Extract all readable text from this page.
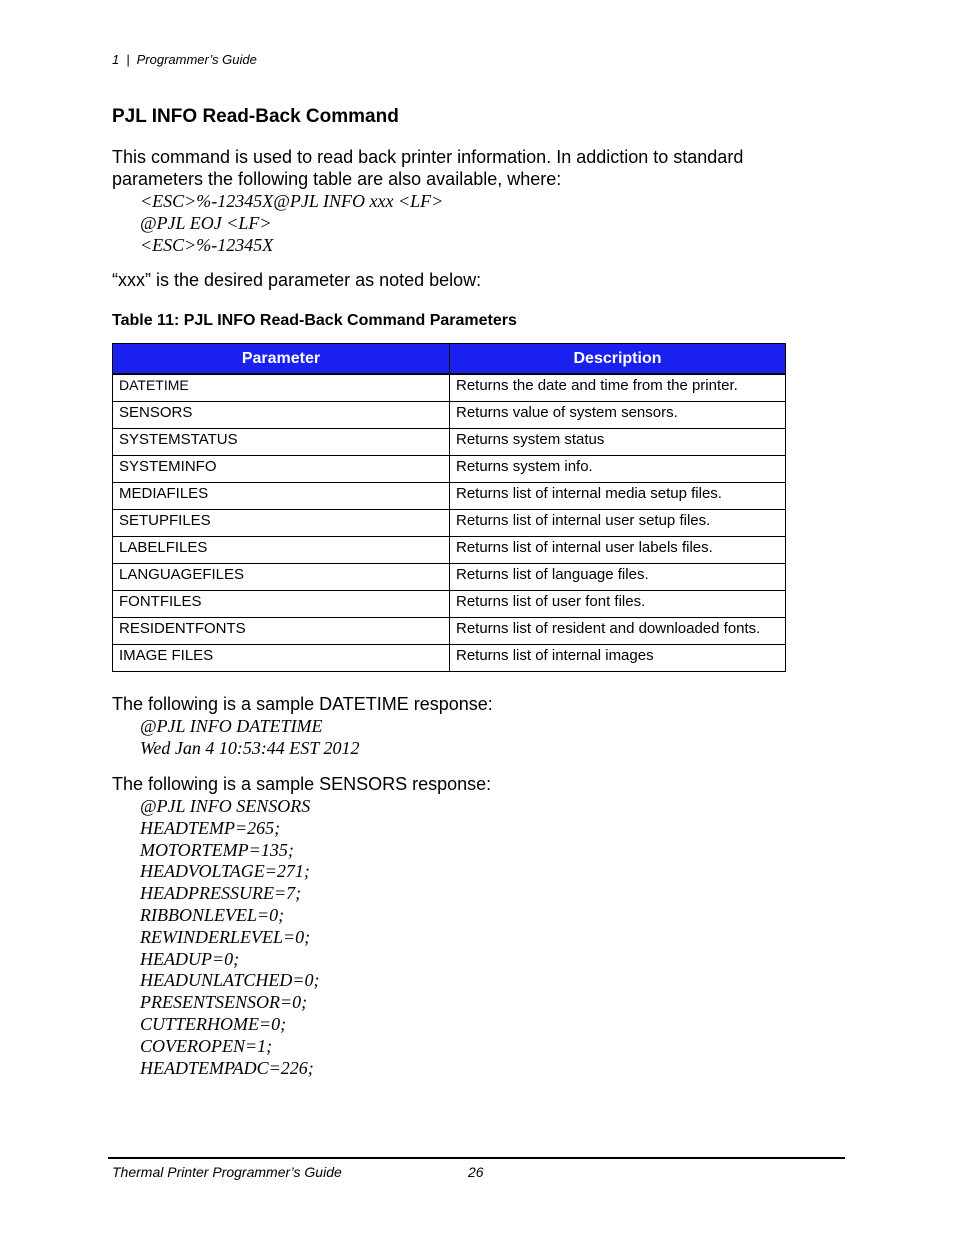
1 | Programmer’s Guide
PJL INFO Read-Back Command
This command is used to read back printer information. In addiction to standard
parameters the following table are also available, where:
<ESC>%-12345X@PJL INFO xxx <LF>
@PJL EOJ <LF>
<ESC>%-12345X
“xxx” is the desired parameter as noted below:
Table 11: PJL INFO Read-Back Command Parameters
Parameter	Description
DATETIME	Returns the date and time from the printer.
SENSORS	Returns value of system sensors.
SYSTEMSTATUS	Returns system status
SYSTEMINFO	Returns system info.
MEDIAFILES	Returns list of internal media setup files.
SETUPFILES	Returns list of internal user setup files.
LABELFILES	Returns list of internal user labels files.
LANGUAGEFILES	Returns list of language files.
FONTFILES	Returns list of user font files.
RESIDENTFONTS	Returns list of resident and downloaded fonts.
IMAGE FILES	Returns list of internal images
The following is a sample DATETIME response:
@PJL INFO DATETIME
Wed Jan 4 10:53:44 EST 2012
The following is a sample SENSORS response:
@PJL INFO SENSORS
HEADTEMP=265;
MOTORTEMP=135;
HEADVOLTAGE=271;
HEADPRESSURE=7;
RIBBONLEVEL=0;
REWINDERLEVEL=0;
HEADUP=0;
HEADUNLATCHED=0;
PRESENTSENSOR=0;
CUTTERHOME=0;
COVEROPEN=1;
HEADTEMPADC=226;
Thermal Printer Programmer’s Guide	26
